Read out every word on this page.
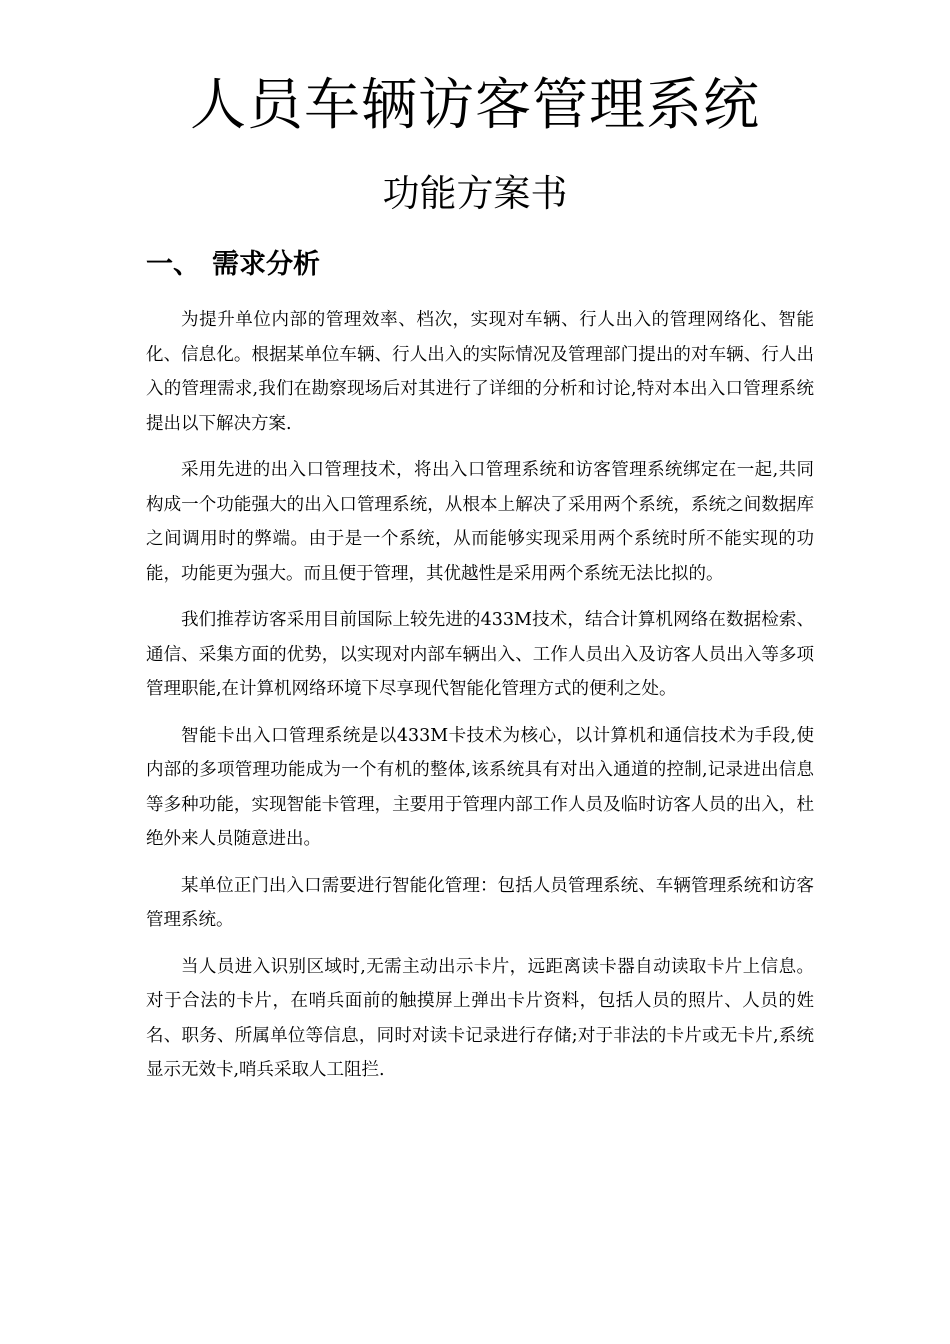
人员车辆访客管理系统
功能方案书
一、 需求分析

为提升单位内部的管理效率、档次，实现对车辆、行人出入的管理网络化、智能化、信息化。根据某单位车辆、行人出入的实际情况及管理部门提出的对车辆、行人出入的管理需求,我们在勘察现场后对其进行了详细的分析和讨论,特对本出入口管理系统提出以下解决方案.

采用先进的出入口管理技术，将出入口管理系统和访客管理系统绑定在一起,共同构成一个功能强大的出入口管理系统，从根本上解决了采用两个系统，系统之间数据库之间调用时的弊端。由于是一个系统，从而能够实现采用两个系统时所不能实现的功能，功能更为强大。而且便于管理，其优越性是采用两个系统无法比拟的。

我们推荐访客采用目前国际上较先进的433M技术，结合计算机网络在数据检索、通信、采集方面的优势，以实现对内部车辆出入、工作人员出入及访客人员出入等多项管理职能,在计算机网络环境下尽享现代智能化管理方式的便利之处。

智能卡出入口管理系统是以433M卡技术为核心，以计算机和通信技术为手段,使内部的多项管理功能成为一个有机的整体,该系统具有对出入通道的控制,记录进出信息等多种功能，实现智能卡管理，主要用于管理内部工作人员及临时访客人员的出入，杜绝外来人员随意进出。

某单位正门出入口需要进行智能化管理：包括人员管理系统、车辆管理系统和访客管理系统。

当人员进入识别区域时,无需主动出示卡片，远距离读卡器自动读取卡片上信息。对于合法的卡片，在哨兵面前的触摸屏上弹出卡片资料，包括人员的照片、人员的姓名、职务、所属单位等信息，同时对读卡记录进行存储;对于非法的卡片或无卡片,系统显示无效卡,哨兵采取人工阻拦.
